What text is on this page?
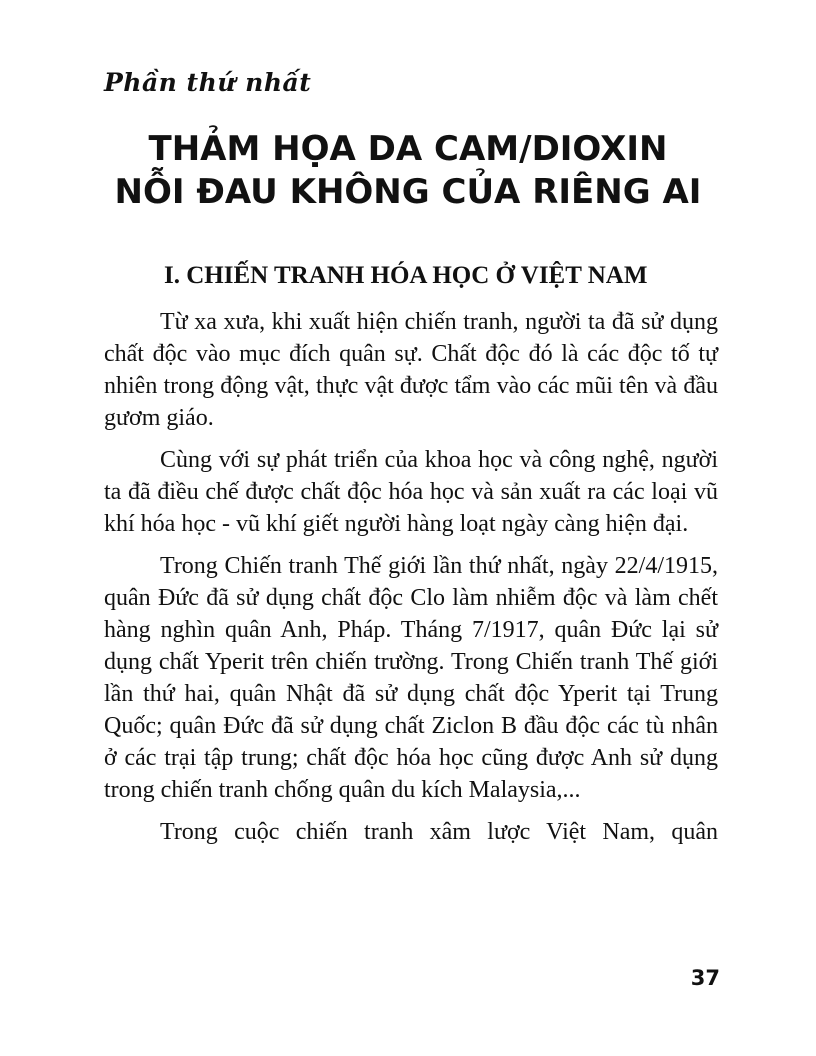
Phần thứ nhất
THẢM HỌA DA CAM/DIOXIN
NỖI ĐAU KHÔNG CỦA RIÊNG AI
I. CHIẾN TRANH HÓA HỌC Ở VIỆT NAM

Từ xa xưa, khi xuất hiện chiến tranh, người ta đã sử dụng chất độc vào mục đích quân sự. Chất độc đó là các độc tố tự nhiên trong động vật, thực vật được tẩm vào các mũi tên và đầu gươm giáo.

Cùng với sự phát triển của khoa học và công nghệ, người ta đã điều chế được chất độc hóa học và sản xuất ra các loại vũ khí hóa học - vũ khí giết người hàng loạt ngày càng hiện đại.

Trong Chiến tranh Thế giới lần thứ nhất, ngày 22/4/1915, quân Đức đã sử dụng chất độc Clo làm nhiễm độc và làm chết hàng nghìn quân Anh, Pháp. Tháng 7/1917, quân Đức lại sử dụng chất Yperit trên chiến trường. Trong Chiến tranh Thế giới lần thứ hai, quân Nhật đã sử dụng chất độc Yperit tại Trung Quốc; quân Đức đã sử dụng chất Ziclon B đầu độc các tù nhân ở các trại tập trung; chất độc hóa học cũng được Anh sử dụng trong chiến tranh chống quân du kích Malaysia,...

Trong cuộc chiến tranh xâm lược Việt Nam, quân

37
